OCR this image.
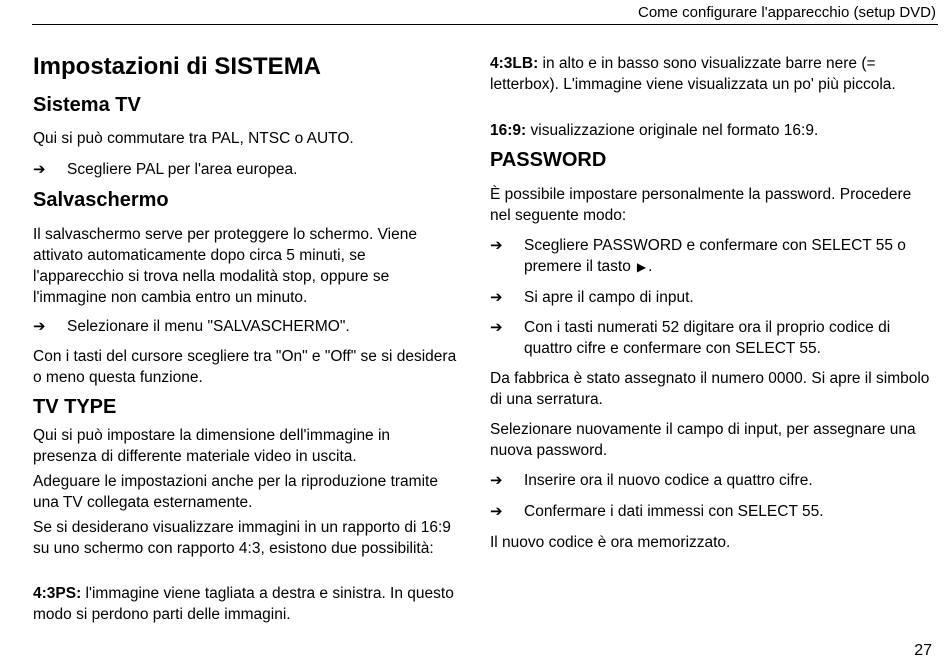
Come configurare l'apparecchio (setup DVD)
Impostazioni di SISTEMA
Sistema TV

Qui si può commutare tra PAL, NTSC o AUTO.

➔	Scegliere PAL per l'area europea.
Salvaschermo

Il salvaschermo serve per proteggere lo schermo. Viene attivato automaticamente dopo circa 5 minuti, se l'apparecchio si trova nella modalità stop, oppure se l'immagine non cambia entro un minuto.

➔	Selezionare il menu "SALVASCHERMO".

Con i tasti del cursore scegliere tra "On" e "Off" se si desidera o meno questa funzione.

TV TYPE

Qui si può impostare la dimensione dell'immagine in presenza di differente materiale video in uscita.

Adeguare le impostazioni anche per la riproduzione tramite una TV collegata esternamente.

Se si desiderano visualizzare immagini in un rapporto di 16:9 su uno schermo con rapporto 4:3, esistono due possibilità:

4:3PS: l'immagine viene tagliata a destra e sinistra. In questo modo si perdono parti delle immagini.

4:3LB: in alto e in basso sono visualizzate barre nere (= letterbox). L'immagine viene visualizzata un po' più piccola.

16:9: visualizzazione originale nel formato 16:9.

PASSWORD

È possibile impostare personalmente la password. Procedere nel seguente modo:

➔	Scegliere PASSWORD e confermare con SELECT 55 o premere il tasto ▶ .
➔	Si apre il campo di input.
➔	Con i tasti numerati 52 digitare ora il proprio codice di quattro cifre e confermare con SELECT 55.

Da fabbrica è stato assegnato il numero 0000. Si apre il simbolo di una serratura.

Selezionare nuovamente il campo di input, per assegnare una nuova password.

➔	Inserire ora il nuovo codice a quattro cifre.
➔	Confermare i dati immessi con SELECT 55.

Il nuovo codice è ora memorizzato.

27
